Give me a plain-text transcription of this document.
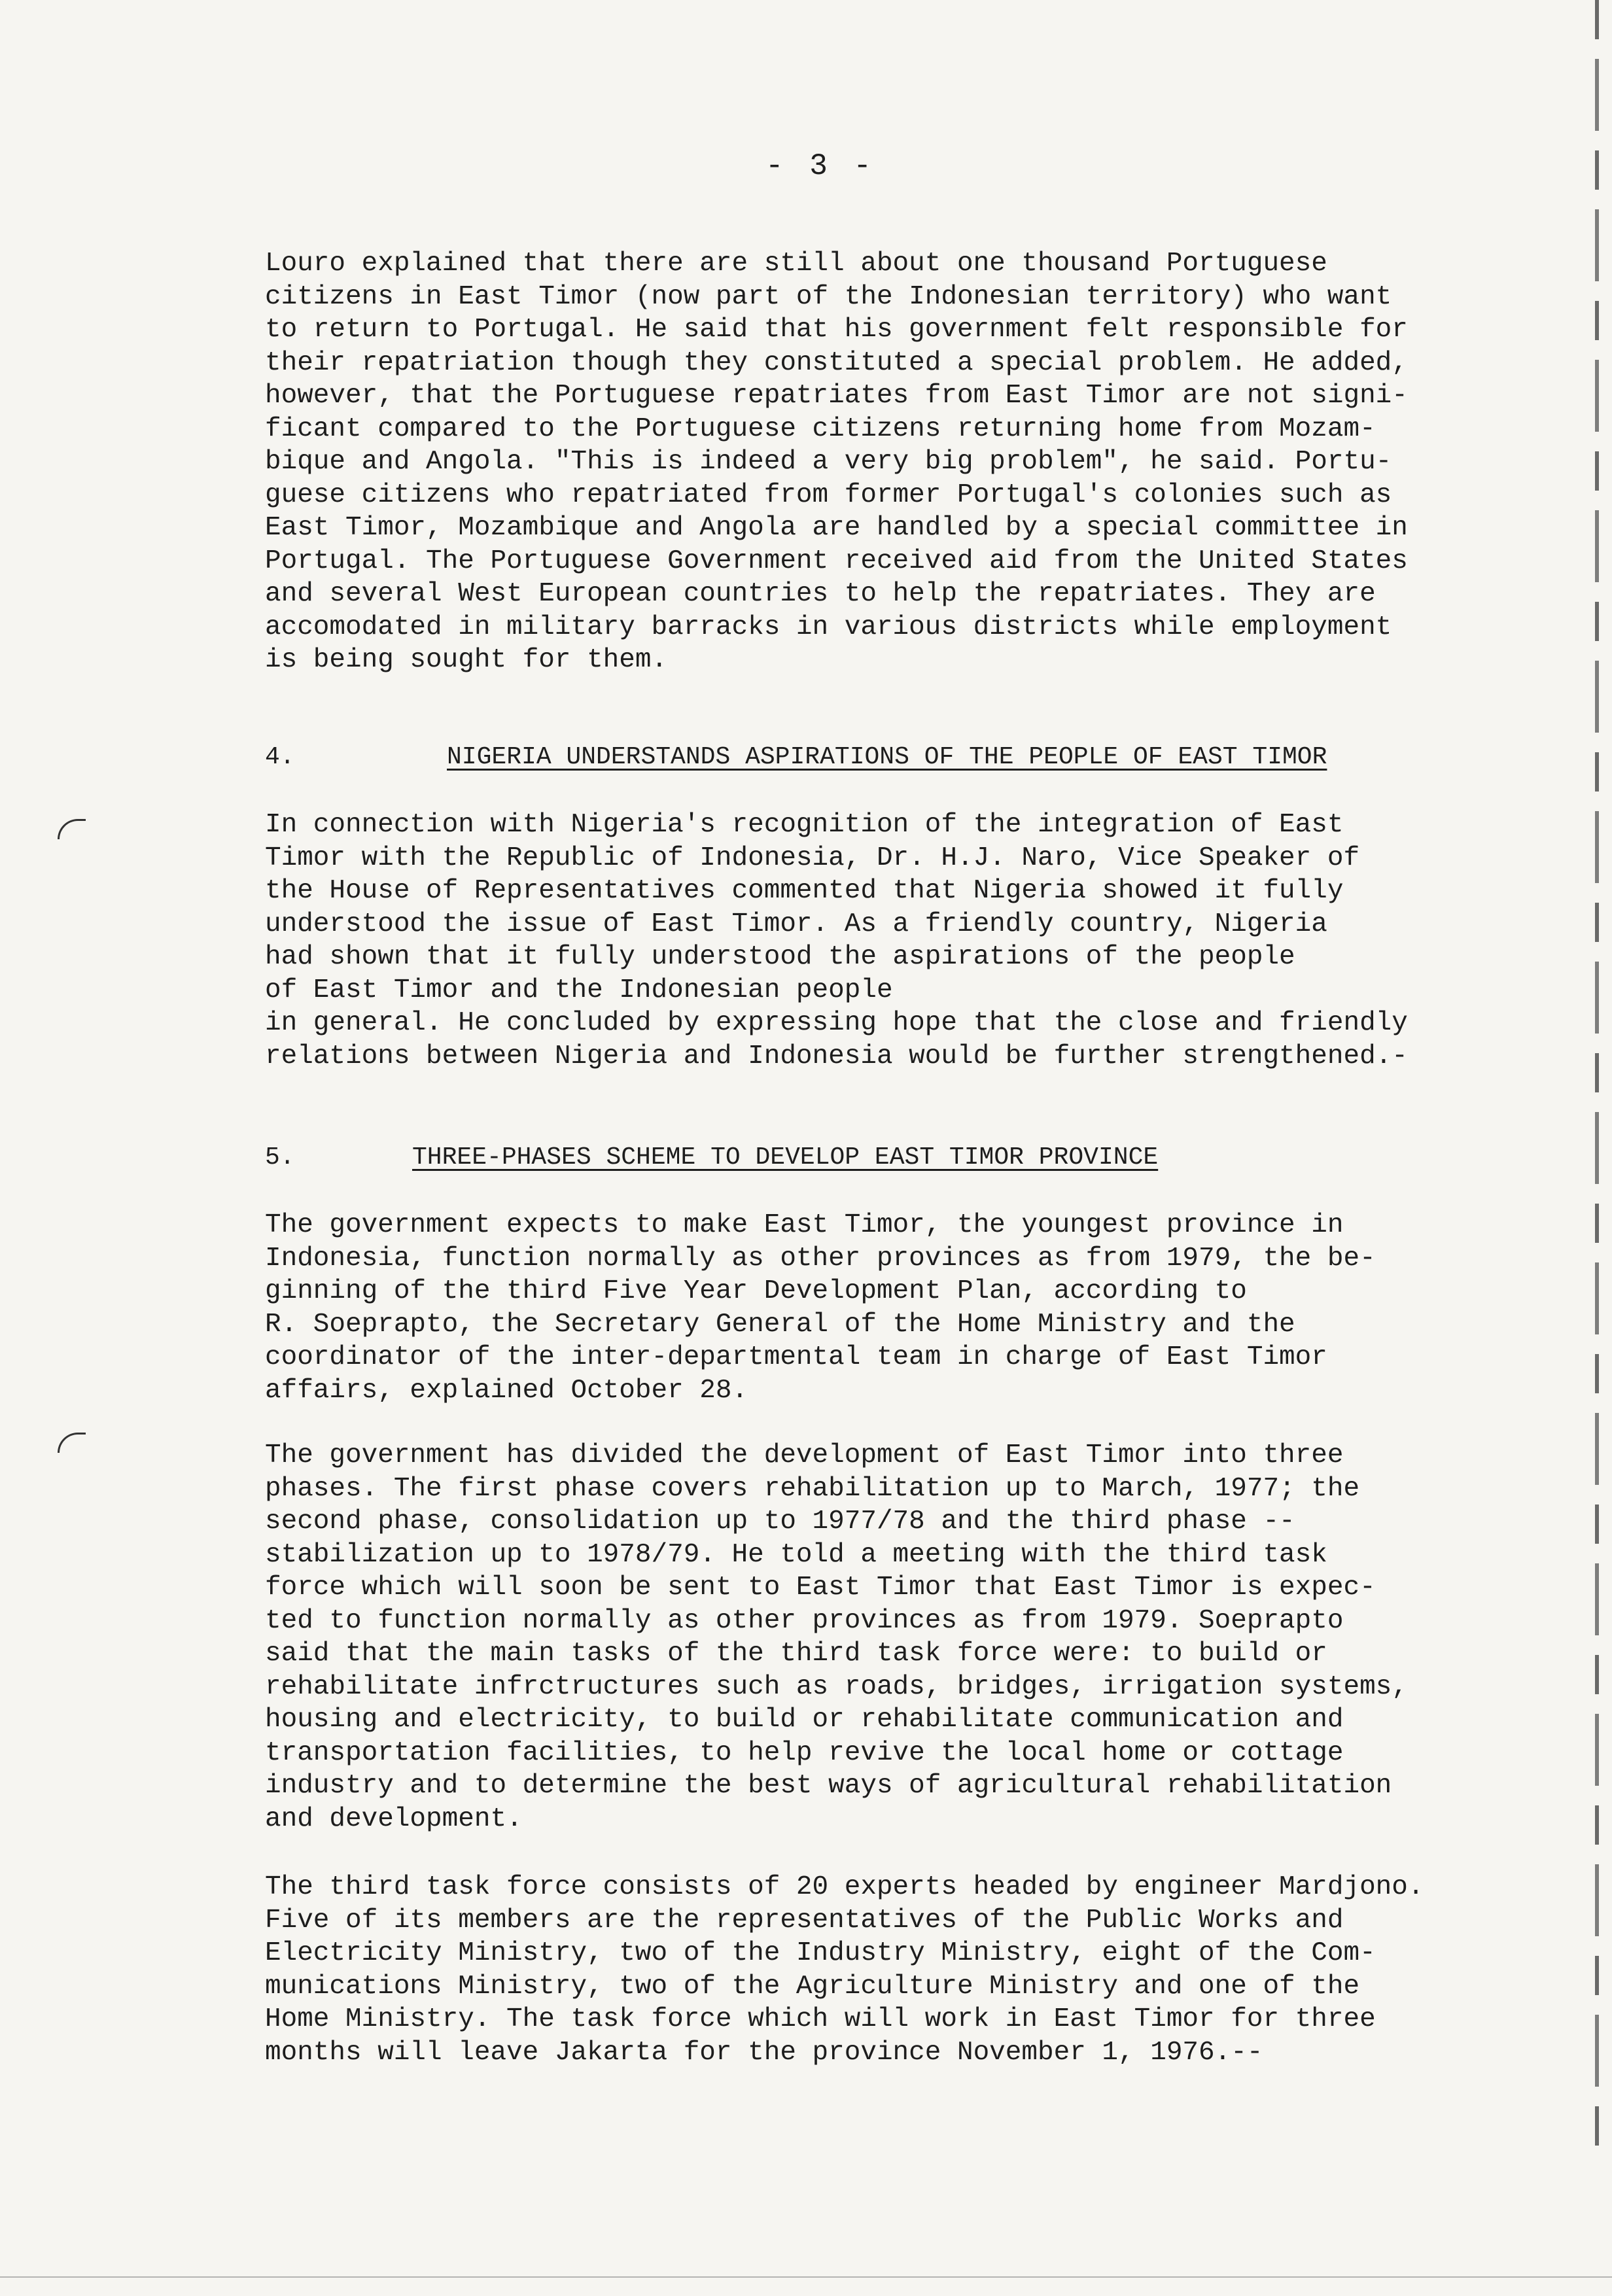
- 3 -

Louro explained that there are still about one thousand Portuguese

citizens in East Timor (now part of the Indonesian territory) who want

to return to Portugal. He said that his government felt responsible for

their repatriation though they constituted a special problem. He added,

however, that the Portuguese repatriates from East Timor are not signi-

ficant compared to the Portuguese citizens returning home from Mozam-

bique and Angola. "This is indeed a very big problem", he said. Portu-

guese citizens who repatriated from former Portugal's colonies such as

East Timor, Mozambique and Angola are handled by a special committee in

Portugal. The Portuguese Government received aid from the United States

and several West European countries to help the repatriates. They are

accomodated in military barracks in various districts while employment

is being sought for them.

4.	NIGERIA UNDERSTANDS ASPIRATIONS OF THE PEOPLE OF EAST TIMOR

In connection with Nigeria's recognition of the integration of East

Timor with the Republic of Indonesia, Dr. H.J. Naro, Vice Speaker of

the House of Representatives commented that Nigeria showed it fully

understood the issue of East Timor. As a friendly country, Nigeria

had shown that it fully understood the aspirations of the people

of East Timor and the Indonesian people

in general. He concluded by expressing hope that the close and friendly

relations between Nigeria and Indonesia would be further strengthened.-

5.	THREE-PHASES SCHEME TO DEVELOP EAST TIMOR PROVINCE

The government expects to make East Timor, the youngest province in

Indonesia, function normally as other provinces as from 1979, the be-

ginning of the third Five Year Development Plan, according to

R. Soeprapto, the Secretary General of the Home Ministry and the

coordinator of the inter-departmental team in charge of East Timor

affairs, explained October 28.

The government has divided the development of East Timor into three

phases. The first phase covers rehabilitation up to March, 1977; the

second phase, consolidation up to 1977/78 and the third phase --

stabilization up to 1978/79. He told a meeting with the third task

force which will soon be sent to East Timor that East Timor is expec-

ted to function normally as other provinces as from 1979. Soeprapto

said that the main tasks of the third task force were: to build or

rehabilitate infrctructures such as roads, bridges, irrigation systems,

housing and electricity, to build or rehabilitate communication and

transportation facilities, to help revive the local home or cottage

industry and to determine the best ways of agricultural rehabilitation

and development.

The third task force consists of 20 experts headed by engineer Mardjono.

Five of its members are the representatives of the Public Works and

Electricity Ministry, two of the Industry Ministry, eight of the Com-

munications Ministry, two of the Agriculture Ministry and one of the

Home Ministry. The task force which will work in East Timor for three

months will leave Jakarta for the province November 1, 1976.--
